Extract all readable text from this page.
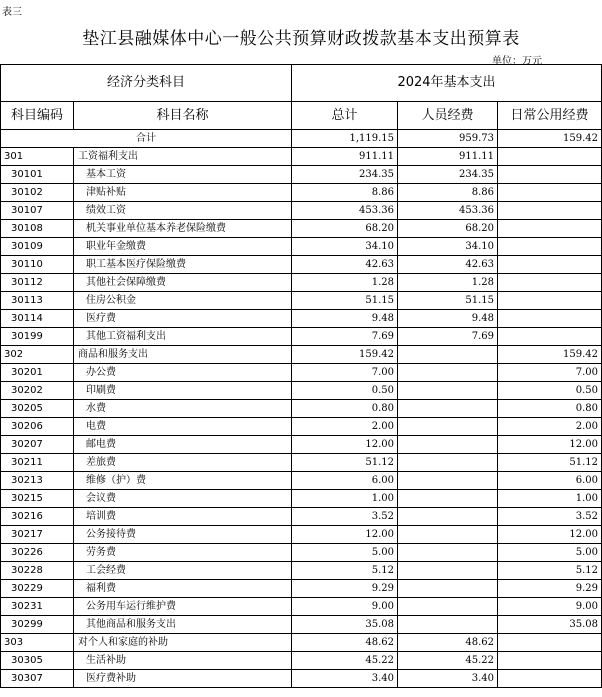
表三
垫江县融媒体中心一般公共预算财政拨款基本支出预算表
单位：万元
经济分类科目		2024年基本支出		
科目编码	科目名称	总计	人员经费	日常公用经费
合计		1,119.15	959.73	159.42
301	工资福利支出	911.11	911.11	
30101	基本工资	234.35	234.35	
30102	津贴补贴	8.86	8.86	
30107	绩效工资	453.36	453.36	
30108	机关事业单位基本养老保险缴费	68.20	68.20	
30109	职业年金缴费	34.10	34.10	
30110	职工基本医疗保险缴费	42.63	42.63	
30112	其他社会保障缴费	1.28	1.28	
30113	住房公积金	51.15	51.15	
30114	医疗费	9.48	9.48	
30199	其他工资福利支出	7.69	7.69	
302	商品和服务支出	159.42		159.42
30201	办公费	7.00		7.00
30202	印刷费	0.50		0.50
30205	水费	0.80		0.80
30206	电费	2.00		2.00
30207	邮电费	12.00		12.00
30211	差旅费	51.12		51.12
30213	维修（护）费	6.00		6.00
30215	会议费	1.00		1.00
30216	培训费	3.52		3.52
30217	公务接待费	12.00		12.00
30226	劳务费	5.00		5.00
30228	工会经费	5.12		5.12
30229	福利费	9.29		9.29
30231	公务用车运行维护费	9.00		9.00
30299	其他商品和服务支出	35.08		35.08
303	对个人和家庭的补助	48.62	48.62	
30305	生活补助	45.22	45.22	
30307	医疗费补助	3.40	3.40	
